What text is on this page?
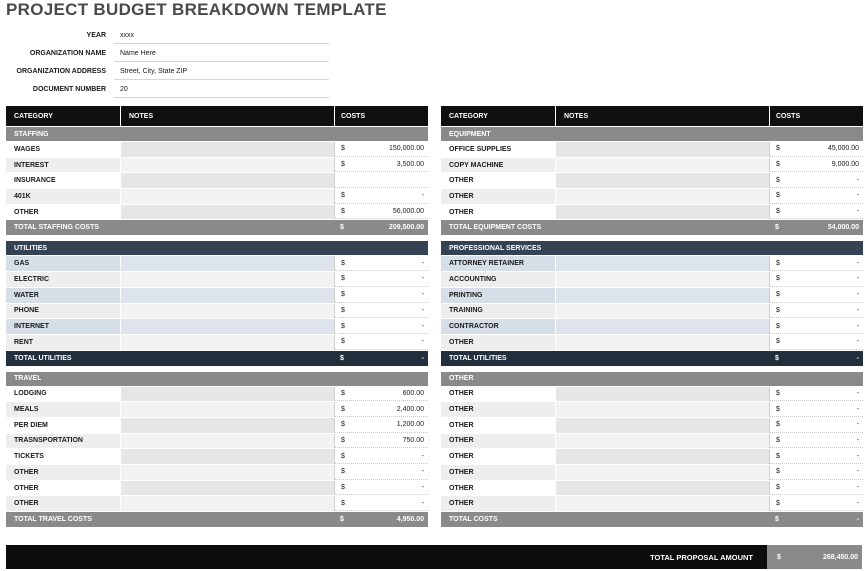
PROJECT BUDGET BREAKDOWN TEMPLATE
YEAR	xxxx
ORGANIZATION NAME	Name Here
ORGANIZATION ADDRESS	Street, City, State ZIP
DOCUMENT NUMBER	20
CATEGORY	NOTES	COSTS
STAFFING
WAGES	$	150,000.00
INTEREST	$	3,500.00
INSURANCE
401K	$	-
OTHER	$	56,000.00
TOTAL STAFFING COSTS	$	209,500.00
UTILITIES
GAS	$	-
ELECTRIC	$	-
WATER	$	-
PHONE	$	-
INTERNET	$	-
RENT	$	-
TOTAL UTILITIES	$	-
TRAVEL
LODGING	$	600.00
MEALS	$	2,400.00
PER DIEM	$	1,200.00
TRASNSPORTATION	$	750.00
TICKETS	$	-
OTHER	$	-
OTHER	$	-
OTHER	$	-
TOTAL TRAVEL COSTS	$	4,950.00
CATEGORY	NOTES	COSTS
EQUIPMENT
OFFICE SUPPLIES	$	45,000.00
COPY MACHINE	$	9,000.00
OTHER	$	-
OTHER	$	-
OTHER	$	-
TOTAL EQUIPMENT COSTS	$	54,000.00
PROFESSIONAL SERVICES
ATTORNEY RETAINER	$	-
ACCOUNTING	$	-
PRINTING	$	-
TRAINING	$	-
CONTRACTOR	$	-
OTHER	$	-
TOTAL UTILITIES	$	-
OTHER
OTHER	$	-
OTHER	$	-
OTHER	$	-
OTHER	$	-
OTHER	$	-
OTHER	$	-
OTHER	$	-
OTHER	$	-
TOTAL COSTS	$	-
TOTAL PROPOSAL AMOUNT	$	268,450.00
